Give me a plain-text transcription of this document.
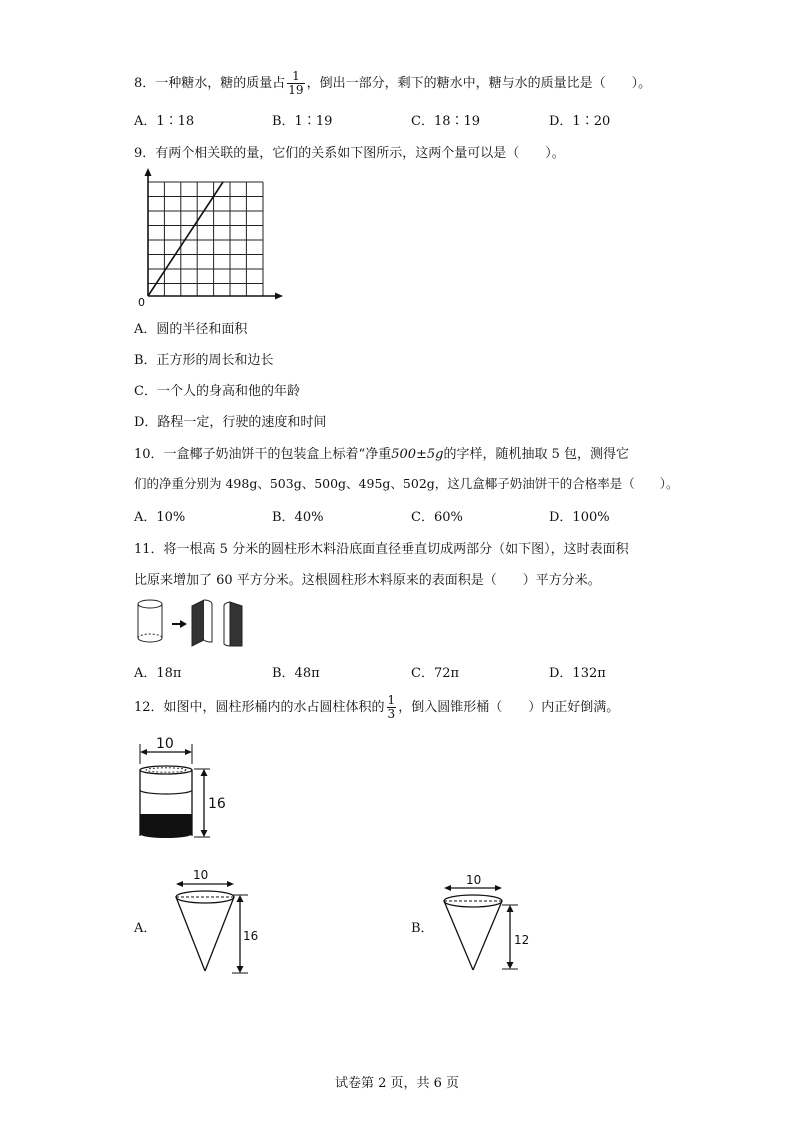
8．一种糖水，糖的质量占 $\frac{1}{19}$ ，倒出一部分，剩下的糖水中，糖与水的质量比是（　　）。
A．1∶18	B．1∶19	C．18∶19	D．1∶20
9．有两个相关联的量，它们的关系如下图所示，这两个量可以是（　　）。
0
A．圆的半径和面积
B．正方形的周长和边长
C．一个人的身高和他的年龄
D．路程一定，行驶的速度和时间
10．一盒椰子奶油饼干的包装盒上标着“净重500±5g的字样，随机抽取 5 包，测得它
们的净重分别为 498g、503g、500g、495g、502g，这几盒椰子奶油饼干的合格率是（　　）。
A．10%	B．40%	C．60%	D．100%
11．将一根高 5 分米的圆柱形木料沿底面直径垂直切成两部分（如下图），这时表面积
比原来增加了 60 平方分米。这根圆柱形木料原来的表面积是（　　）平方分米。
A．18π	B．48π	C．72π	D．132π
12．如图中，圆柱形桶内的水占圆柱体积的 $\frac{1}{3}$ ，倒入圆锥形桶（　　）内正好倒满。
10
16
A．
10
16	B．
10
12
试卷第 2 页，共 6 页
